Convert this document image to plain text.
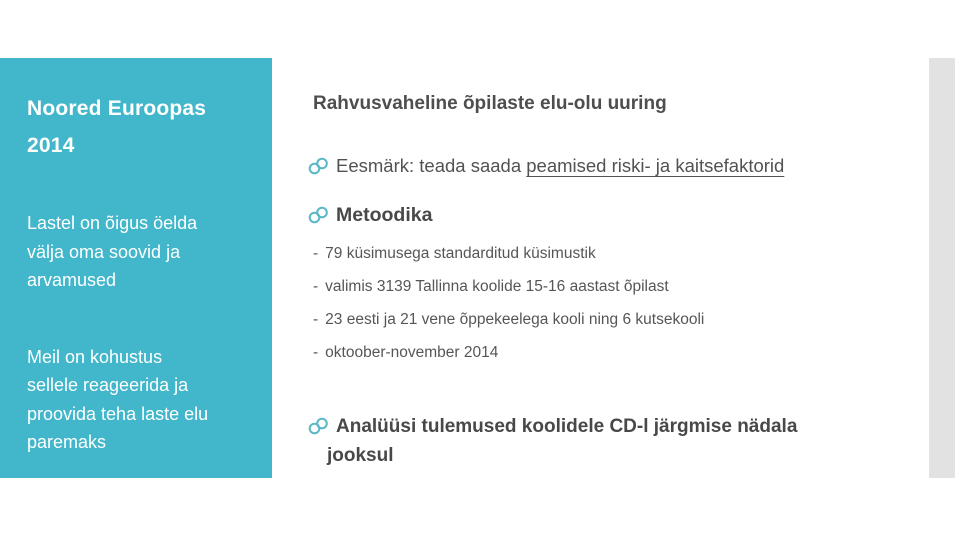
Noored Euroopas
2014
Lastel on õigus öelda
välja oma soovid ja
arvamused
Meil on kohustus
sellele reageerida ja
proovida teha laste elu
paremaks
Rahvusvaheline õpilaste elu-olu uuring
Eesmärk: teada saada peamised riski- ja kaitsefaktorid
Metoodika
- 79 küsimusega standarditud küsimustik
- valimis 3139 Tallinna koolide 15-16 aastast õpilast
- 23 eesti ja 21 vene õppekeelega kooli ning 6 kutsekooli
- oktoober-november 2014
Analüüsi tulemused koolidele CD-l järgmise nädala
jooksul
